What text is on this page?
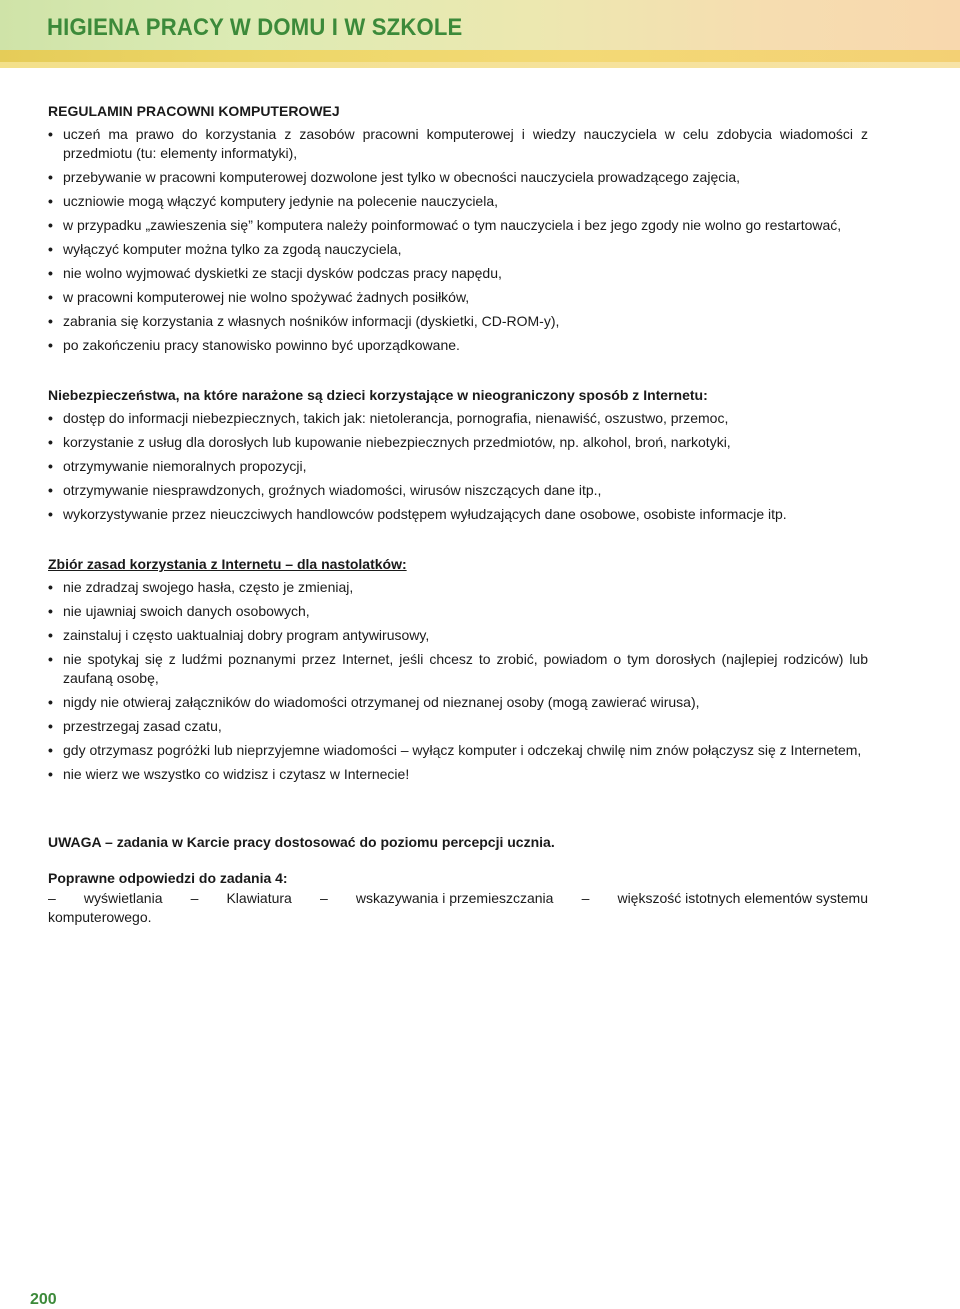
HIGIENA PRACY W DOMU I W SZKOLE

REGULAMIN PRACOWNI KOMPUTEROWEJ

• uczeń ma prawo do korzystania z zasobów pracowni komputerowej i wiedzy nauczyciela w celu zdobycia wiadomości z przedmiotu (tu: elementy informatyki),
• przebywanie w pracowni komputerowej dozwolone jest tylko w obecności nauczyciela prowadzącego zajęcia,
• uczniowie mogą włączyć komputery jedynie na polecenie nauczyciela,
• w przypadku „zawieszenia się” komputera należy poinformować o tym nauczyciela i bez jego zgody nie wolno go restartować,
• wyłączyć komputer można tylko za zgodą nauczyciela,
• nie wolno wyjmować dyskietki ze stacji dysków podczas pracy napędu,
• w pracowni komputerowej nie wolno spożywać żadnych posiłków,
• zabrania się korzystania z własnych nośników informacji (dyskietki, CD-ROM-y),
• po zakończeniu pracy stanowisko powinno być uporządkowane.

Niebezpieczeństwa, na które narażone są dzieci korzystające w nieograniczony sposób z Internetu:

• dostęp do informacji niebezpiecznych, takich jak: nietolerancja, pornografia, nienawiść, oszustwo, przemoc,
• korzystanie z usług dla dorosłych lub kupowanie niebezpiecznych przedmiotów, np. alkohol, broń, narkotyki,
• otrzymywanie niemoralnych propozycji,
• otrzymywanie niesprawdzonych, groźnych wiadomości, wirusów niszczących dane itp.,
• wykorzystywanie przez nieuczciwych handlowców podstępem wyłudzających dane osobowe, osobiste informacje itp.

Zbiór zasad korzystania z Internetu – dla nastolatków:

• nie zdradzaj swojego hasła, często je zmieniaj,
• nie ujawniaj swoich danych osobowych,
• zainstaluj i często uaktualniaj dobry program antywirusowy,
• nie spotykaj się z ludźmi poznanymi przez Internet, jeśli chcesz to zrobić, powiadom o tym dorosłych (najlepiej rodziców) lub zaufaną osobę,
• nigdy nie otwieraj załączników do wiadomości otrzymanej od nieznanej osoby (mogą zawierać wirusa),
• przestrzegaj zasad czatu,
• gdy otrzymasz pogróżki lub nieprzyjemne wiadomości – wyłącz komputer i odczekaj chwilę nim znów połączysz się z Internetem,
• nie wierz we wszystko co widzisz i czytasz w Internecie!

UWAGA – zadania w Karcie pracy dostosować do poziomu percepcji ucznia.

Poprawne odpowiedzi do zadania 4:

– wyświetlania – Klawiatura – wskazywania i przemieszczania – większość istotnych elementów systemu
komputerowego.
200
